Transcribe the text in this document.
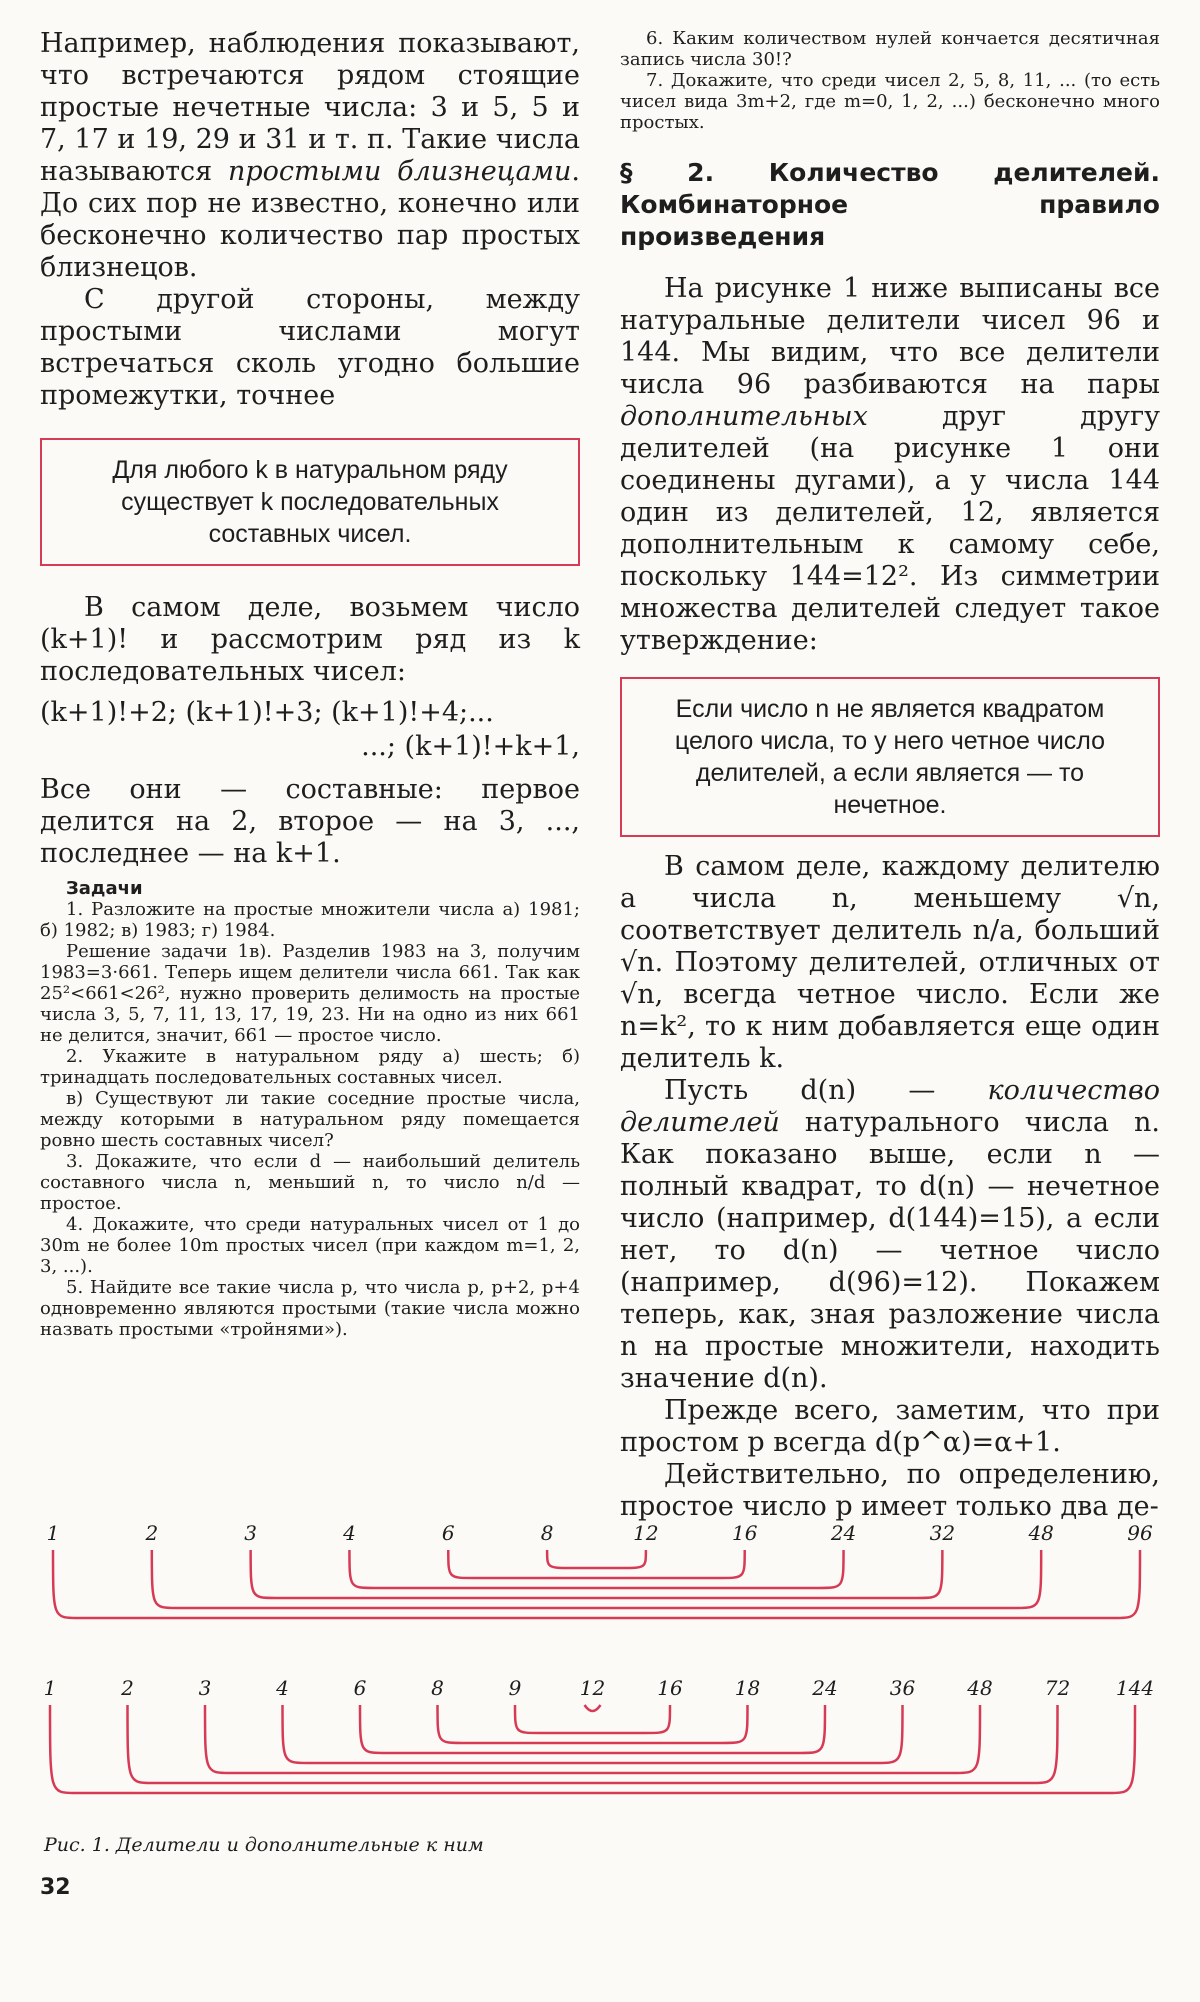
Например, наблюдения показывают, что встречаются рядом стоящие простые нечетные числа: 3 и 5, 5 и 7, 17 и 19, 29 и 31 и т. п. Такие числа называются простыми близнецами. До сих пор не известно, конечно или бесконечно количество пар простых близнецов.

С другой стороны, между простыми числами могут встречаться сколь угодно большие промежутки, точнее

Для любого k в натуральном ряду существует k последовательных составных чисел.

В самом деле, возьмем число (k+1)! и рассмотрим ряд из k последовательных чисел:

(k+1)!+2; (k+1)!+3; (k+1)!+4;...

...; (k+1)!+k+1,

Все они — составные: первое делится на 2, второе — на 3, ..., последнее — на k+1.

Задачи

1. Разложите на простые множители числа а) 1981; б) 1982; в) 1983; г) 1984.

Решение задачи 1в). Разделив 1983 на 3, получим 1983=3·661. Теперь ищем делители числа 661. Так как 25²<661<26², нужно проверить делимость на простые числа 3, 5, 7, 11, 13, 17, 19, 23. Ни на одно из них 661 не делится, значит, 661 — простое число.

2. Укажите в натуральном ряду а) шесть; б) тринадцать последовательных составных чисел.

в) Существуют ли такие соседние простые числа, между которыми в натуральном ряду помещается ровно шесть составных чисел?

3. Докажите, что если d — наибольший делитель составного числа n, меньший n, то число n/d — простое.

4. Докажите, что среди натуральных чисел от 1 до 30m не более 10m простых чисел (при каждом m=1, 2, 3, ...).

5. Найдите все такие числа p, что числа p, p+2, p+4 одновременно являются простыми (такие числа можно назвать простыми «тройнями»).

6. Каким количеством нулей кончается десятичная запись числа 30!?

7. Докажите, что среди чисел 2, 5, 8, 11, ... (то есть чисел вида 3m+2, где m=0, 1, 2, ...) бесконечно много простых.

§ 2. Количество делителей. Комбинаторное правило произведения

На рисунке 1 ниже выписаны все натуральные делители чисел 96 и 144. Мы видим, что все делители числа 96 разбиваются на пары дополнительных	друг другу делителей (на рисунке 1 они соединены дугами), а у числа 144 один из делителей, 12, является дополнительным к самому себе, поскольку 144=12². Из симметрии множества делителей следует такое утверждение:

Если число n не является квадратом целого числа, то у него четное число делителей, а если является — то нечетное.

В самом деле, каждому делителю a числа n, меньшему √n, соответствует делитель n/a, больший √n. Поэтому делителей, отличных от √n, всегда четное число. Если же n=k², то к ним добавляется еще один делитель k.

Пусть d(n) — количество делителей натурального числа n. Как показано выше, если n — полный квадрат, то d(n) — нечетное число (например, d(144)=15), а если нет, то d(n) — четное число (например, d(96)=12). Покажем теперь, как, зная разложение числа n на простые множители, находить значение d(n).

Прежде всего, заметим, что при простом p всегда d(p^α)=α+1.

Действительно, по определению, простое число p имеет только два де-

1	2	3	4	6	8	12	16	24	32	48	96
1	2	3	4	6	8	9	12	16	18	24	36	48	72 144
Рис. 1. Делители и дополнительные к ним
32
